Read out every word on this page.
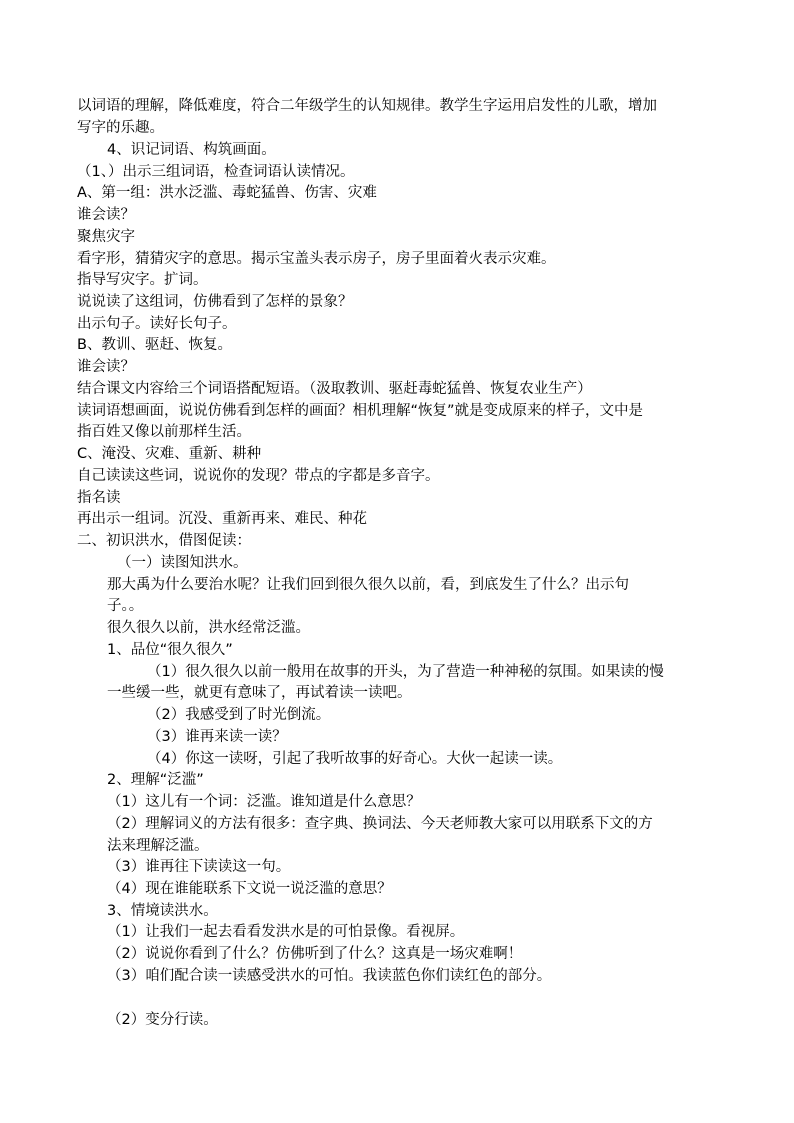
以词语的理解，降低难度，符合二年级学生的认知规律。教学生字运用启发性的儿歌，增加
写字的乐趣。
4、识记词语、构筑画面。
（1、）出示三组词语，检查词语认读情况。
A、第一组：洪水泛滥、毒蛇猛兽、伤害、灾难
谁会读？
聚焦灾字
看字形，猜猜灾字的意思。揭示宝盖头表示房子，房子里面着火表示灾难。
指导写灾字。扩词。
说说读了这组词，仿佛看到了怎样的景象？
出示句子。读好长句子。
B、教训、驱赶、恢复。
谁会读？
结合课文内容给三个词语搭配短语。（汲取教训、驱赶毒蛇猛兽、恢复农业生产）
读词语想画面，说说仿佛看到怎样的画面？相机理解“恢复”就是变成原来的样子，文中是
指百姓又像以前那样生活。
C、淹没、灾难、重新、耕种
自己读读这些词，说说你的发现？带点的字都是多音字。
指名读
再出示一组词。沉没、重新再来、难民、种花
二、初识洪水，借图促读：
（一）读图知洪水。
那大禹为什么要治水呢？让我们回到很久很久以前，看，到底发生了什么？出示句
子。。
很久很久以前，洪水经常泛滥。
1、品位“很久很久”
（1）很久很久以前一般用在故事的开头，为了营造一种神秘的氛围。如果读的慢
一些缓一些，就更有意味了，再试着读一读吧。
（2）我感受到了时光倒流。
（3）谁再来读一读？
（4）你这一读呀，引起了我听故事的好奇心。大伙一起读一读。
2、理解“泛滥”
（1）这儿有一个词：泛滥。谁知道是什么意思？
（2）理解词义的方法有很多：查字典、换词法、今天老师教大家可以用联系下文的方
法来理解泛滥。
（3）谁再往下读读这一句。
（4）现在谁能联系下文说一说泛滥的意思？
3、情境读洪水。
（1）让我们一起去看看发洪水是的可怕景像。看视屏。
（2）说说你看到了什么？仿佛听到了什么？这真是一场灾难啊！
（3）咱们配合读一读感受洪水的可怕。我读蓝色你们读红色的部分。
（2）变分行读。
